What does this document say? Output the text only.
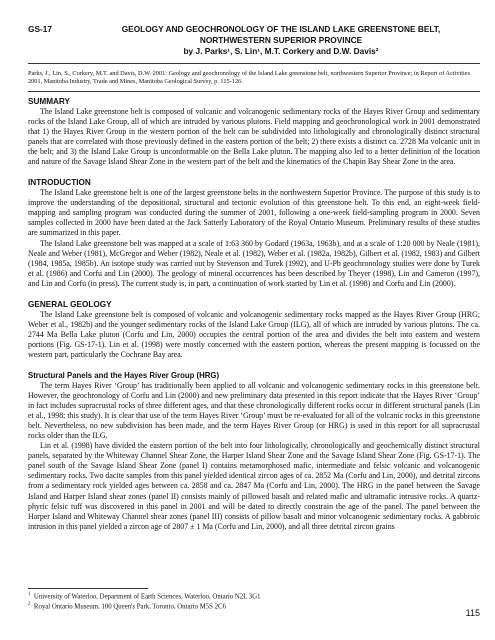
GS-17	GEOLOGY AND GEOCHRONOLOGY OF THE ISLAND LAKE GREENSTONE BELT,
NORTHWESTERN SUPERIOR PROVINCE
by J. Parks¹, S. Lin¹, M.T. Corkery and D.W. Davis²
Parks, J., Lin, S., Corkery, M.T. and Davis, D.W. 2001: Geology and geochronology of the Island Lake greenstone belt, northwestern Superior Province; in Report of Activities 2001, Manitoba Industry, Trade and Mines, Manitoba Geological Survey, p. 115-126.
SUMMARY

The Island Lake greenstone belt is composed of volcanic and volcanogenic sedimentary rocks of the Hayes River Group and sedimentary rocks of the Island Lake Group, all of which are intruded by various plutons. Field mapping and geochronological work in 2001 demonstrated that 1) the Hayes River Group in the western portion of the belt can be subdivided into lithologically and chronologically distinct structural panels that are correlated with those previously defined in the eastern portion of the belt; 2) there exists a distinct ca. 2728 Ma volcanic unit in the belt; and 3) the Island Lake Group is unconformable on the Bella Lake pluton. The mapping also led to a better definition of the location and nature of the Savage Island Shear Zone in the western part of the belt and the kinematics of the Chapin Bay Shear Zone in the area.

INTRODUCTION

The Island Lake greenstone belt is one of the largest greenstone belts in the northwestern Superior Province. The purpose of this study is to improve the understanding of the depositional, structural and tectonic evolution of this greenstone belt. To this end, an eight-week field-mapping and sampling program was conducted during the summer of 2001, following a one-week field-sampling program in 2000. Seven samples collected in 2000 have been dated at the Jack Satterly Laboratory of the Royal Ontario Museum. Preliminary results of these studies are summarized in this paper.

The Island Lake greenstone belt was mapped at a scale of 1:63 360 by Godard (1963a, 1963b), and at a scale of 1:20 000 by Neale (1981), Neale and Weber (1981), McGregor and Weber (1982), Neale et al. (1982), Weber et al. (1982a, 1982b), Gilbert et al. (1982, 1983) and Gilbert (1984, 1985a, 1985b). An isotope study was carried out by Stevenson and Turek (1992), and U-Pb geochronology studies were done by Turek et al. (1986) and Corfu and Lin (2000). The geology of mineral occurrences has been described by Theyer (1998), Lin and Cameron (1997), and Lin and Corfu (in press). The current study is, in part, a continuation of work started by Lin et al. (1998) and Corfu and Lin (2000).

GENERAL GEOLOGY

The Island Lake greenstone belt is composed of volcanic and volcanogenic sedimentary rocks mapped as the Hayes River Group (HRG; Weber et al., 1982b) and the younger sedimentary rocks of the Island Lake Group (ILG), all of which are intruded by various plutons. The ca. 2744 Ma Bella Lake pluton (Corfu and Lin, 2000) occupies the central portion of the area and divides the belt into eastern and western portions (Fig. GS-17-1). Lin et al. (1998) were mostly concerned with the eastern portion, whereas the present mapping is focussed on the western part, particularly the Cochrane Bay area.

Structural Panels and the Hayes River Group (HRG)

The term Hayes River ‘Group’ has traditionally been applied to all volcanic and volcanogenic sedimentary rocks in this greenstone belt. However, the geochronology of Corfu and Lin (2000) and new preliminary data presented in this report indicate that the Hayes River ‘Group’ in fact includes supracrustal rocks of three different ages, and that these chronologically different rocks occur in different structural panels (Lin et al., 1998; this study). It is clear that use of the term Hayes River ‘Group’ must be re-evaluated for all of the volcanic rocks in this greenstone belt. Nevertheless, no new subdivision has been made, and the term Hayes River Group (or HRG) is used in this report for all supracrustal rocks older than the ILG.

Lin et al. (1998) have divided the eastern portion of the belt into four lithologically, chronologically and geochemically distinct structural panels, separated by the Whiteway Channel Shear Zone, the Harper Island Shear Zone and the Savage Island Shear Zone (Fig. GS-17-1). The panel south of the Savage Island Shear Zone (panel I) contains metamorphosed mafic, intermediate and felsic volcanic and volcanogenic sedimentary rocks. Two dacite samples from this panel yielded identical zircon ages of ca. 2852 Ma (Corfu and Lin, 2000), and detrital zircons from a sedimentary rock yielded ages between ca. 2858 and ca. 2847 Ma (Corfu and Lin, 2000). The HRG in the panel between the Savage Island and Harper Island shear zones (panel II) consists mainly of pillowed basalt and related mafic and ultramafic intrusive rocks. A quartz-phyric felsic tuff was discovered in this panel in 2001 and will be dated to directly constrain the age of the panel. The panel between the Harper Island and Whiteway Channel shear zones (panel III) consists of pillow basalt and minor volcanogenic sedimentary rocks. A gabbroic intrusion in this panel yielded a zircon age of 2807 ± 1 Ma (Corfu and Lin, 2000), and all three detrital zircon grains

$^1$ University of Waterloo, Department of Earth Sciences, Waterloo, Ontario N2L 3G1
$^2$ Royal Ontario Museum, 100 Queen's Park, Toronto, Ontario M5S 2C6
115
